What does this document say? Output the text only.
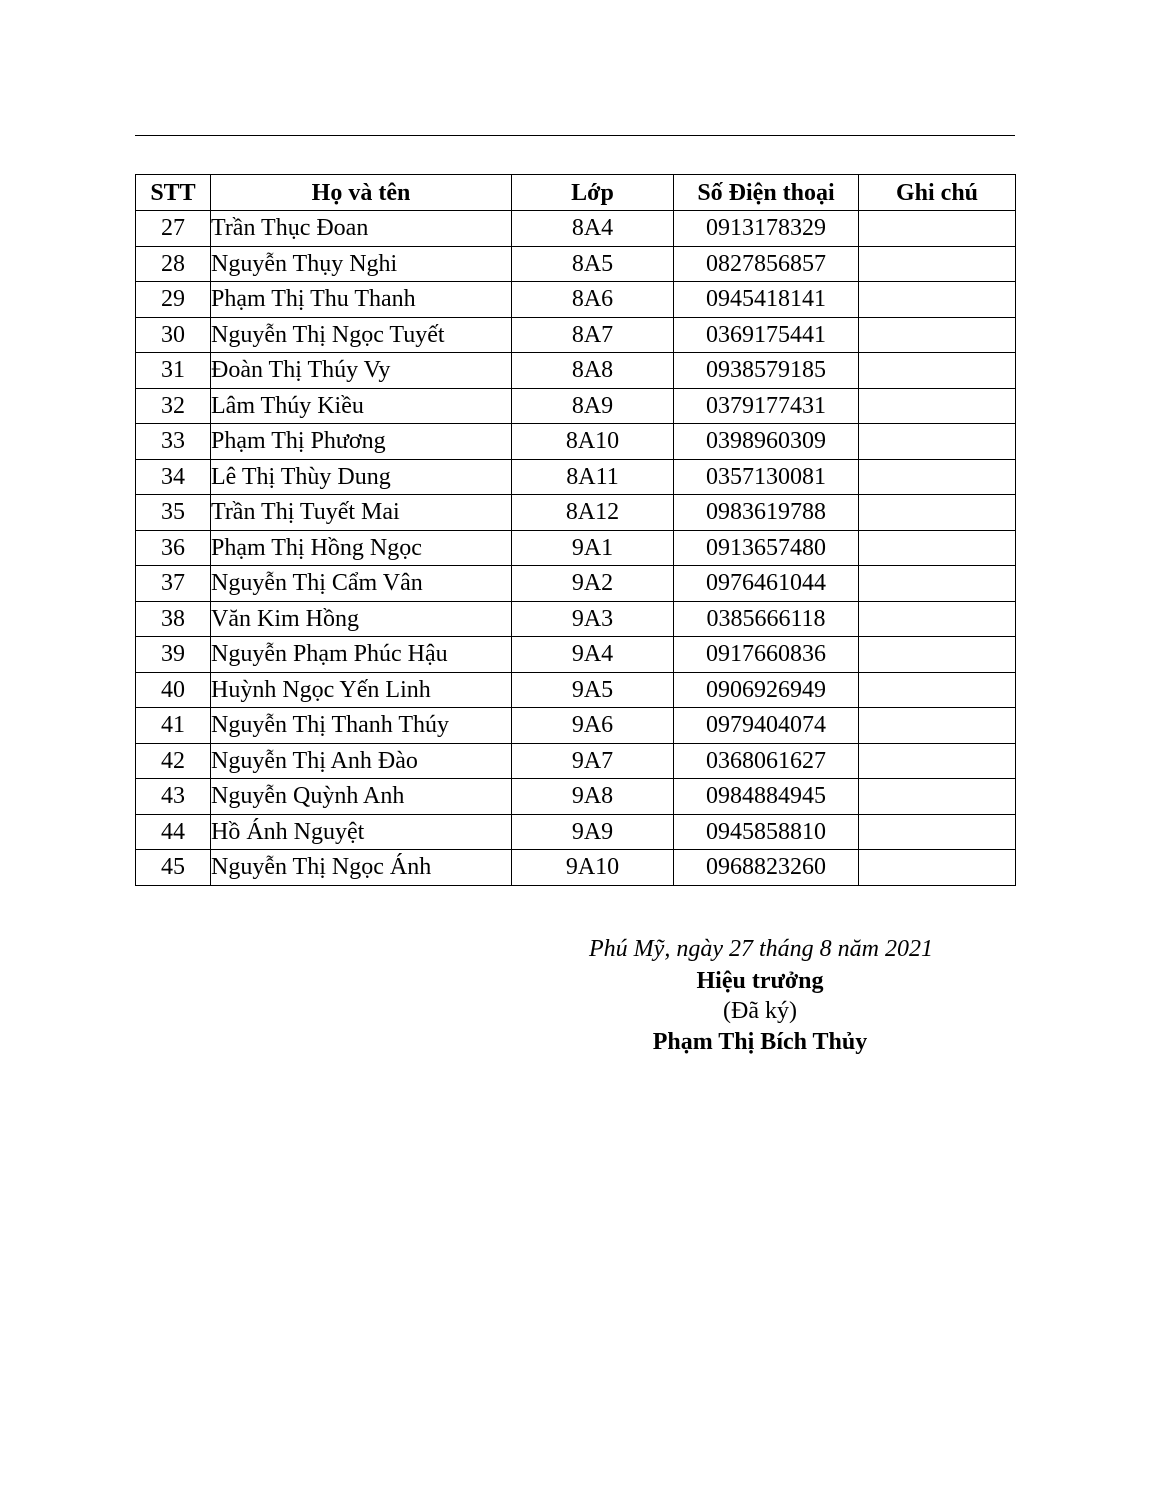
STT	Họ và tên	Lớp	Số Điện thoại	Ghi chú
27	Trần Thục Đoan	8A4	0913178329	
28	Nguyễn Thụy Nghi	8A5	0827856857	
29	Phạm Thị Thu Thanh	8A6	0945418141	
30	Nguyễn Thị Ngọc Tuyết	8A7	0369175441	
31	Đoàn Thị Thúy Vy	8A8	0938579185	
32	Lâm Thúy Kiều	8A9	0379177431	
33	Phạm Thị Phương	8A10	0398960309	
34	Lê Thị Thùy Dung	8A11	0357130081	
35	Trần Thị Tuyết Mai	8A12	0983619788	
36	Phạm Thị Hồng Ngọc	9A1	0913657480	
37	Nguyễn Thị Cẩm Vân	9A2	0976461044	
38	Văn Kim Hồng	9A3	0385666118	
39	Nguyễn Phạm Phúc Hậu	9A4	0917660836	
40	Huỳnh Ngọc Yến Linh	9A5	0906926949	
41	Nguyễn Thị Thanh Thúy	9A6	0979404074	
42	Nguyễn Thị Anh Đào	9A7	0368061627	
43	Nguyễn Quỳnh Anh	9A8	0984884945	
44	Hồ Ánh Nguyệt	9A9	0945858810	
45	Nguyễn Thị Ngọc Ánh	9A10	0968823260	
Phú Mỹ, ngày 27 tháng 8 năm 2021
Hiệu trưởng
(Đã ký)
Phạm Thị Bích Thủy
